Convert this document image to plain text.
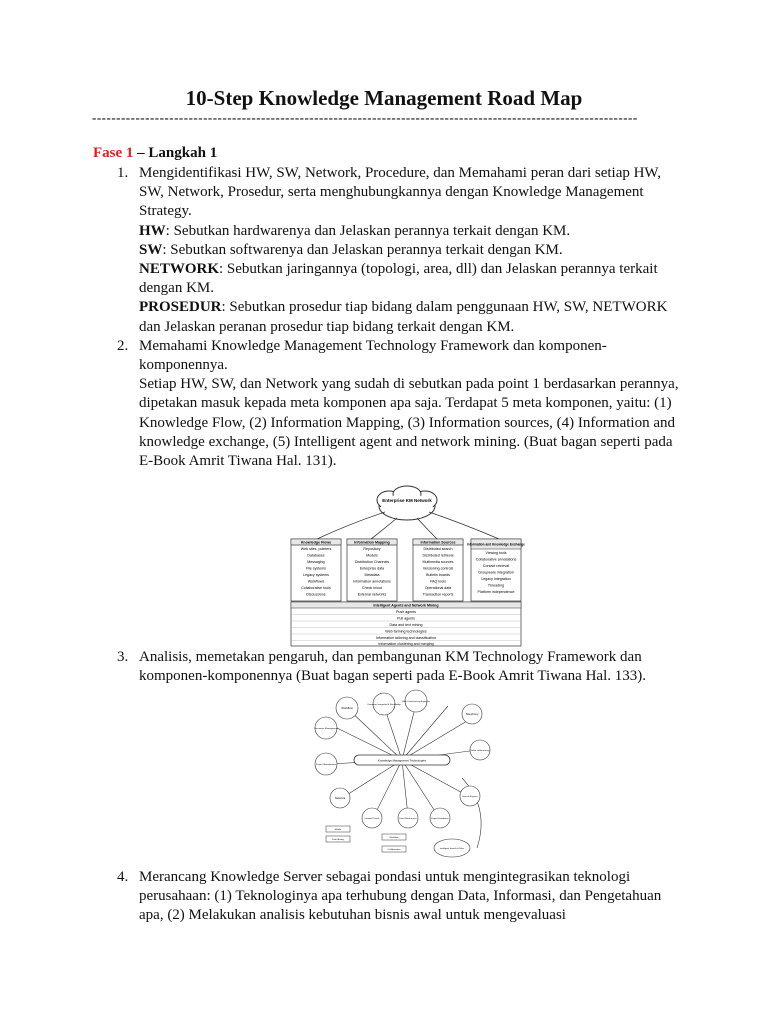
10-Step Knowledge Management Road Map
-----------------------------------------------------------------------------------------------------------------
Fase 1 – Langkah 1
1. Mengidentifikasi HW, SW, Network, Procedure, dan Memahami peran dari setiap HW, SW, Network, Prosedur, serta menghubungkannya dengan Knowledge Management Strategy.
HW: Sebutkan hardwarenya dan Jelaskan perannya terkait dengan KM.
SW: Sebutkan softwarenya dan Jelaskan perannya terkait dengan KM.
NETWORK: Sebutkan jaringannya (topologi, area, dll) dan Jelaskan perannya terkait dengan KM.
PROSEDUR: Sebutkan prosedur tiap bidang dalam penggunaan HW, SW, NETWORK dan Jelaskan peranan prosedur tiap bidang terkait dengan KM.
2. Memahami Knowledge Management Technology Framework dan komponen-komponennya.
Setiap HW, SW, dan Network yang sudah di sebutkan pada point 1 berdasarkan perannya, dipetakan masuk kepada meta komponen apa saja. Terdapat 5 meta komponen, yaitu: (1) Knowledge Flow, (2) Information Mapping, (3) Information sources, (4) Information and knowledge exchange, (5) Intelligent agent and network mining. (Buat bagan seperti pada E-Book Amrit Tiwana Hal. 131).
Enterprise KM Network
Knowledge Flows
Web sites, pointers
Databases
Messaging
File systems
Legacy systems
Workflows
Collaborative tools
Discussions
Information Mapping
Repository
Models
Distribution Channels
Enterprise data
Metadata
Information annotations
Check in/out
External networks
Information Sources
Distributed search
Distributed retrieval
Multimedia sources
Versioning controls
Bulletin boards
FAQ tools
Operational data
Transaction reports
Information and Knowledge Exchange
Viewing tools
Collaborative annotations
Contact retrieval
Groupware integration
Legacy integration
Threading
Platform independence
Intelligent Agents and Network Mining
Push agents
Pull agents
Data and text mining
Web farming technologies
Information tailoring and classification
Information clustering and merging
3. Analisis, memetakan pengaruh, dan pembangunan KM Technology Framework dan komponen-komponennya (Buat bagan seperti pada E-Book Amrit Tiwana Hal. 133).
Knowledge Management Technologies
Workflow
Computer Integrated & Knowledge
Web Conferencing Expertise
Document Management
Telephony
Project Management
Video-conferencing
Network
Intranet Portals	Data Warehouses	Expert Databases
Search Engines
Intelligent Search & Filter
Mobile
Data Mining
Workflow
Collaboration
4. Merancang Knowledge Server sebagai pondasi untuk mengintegrasikan teknologi perusahaan: (1) Teknologinya apa terhubung dengan Data, Informasi, dan Pengetahuan apa, (2) Melakukan analisis kebutuhan bisnis awal untuk mengevaluasi
